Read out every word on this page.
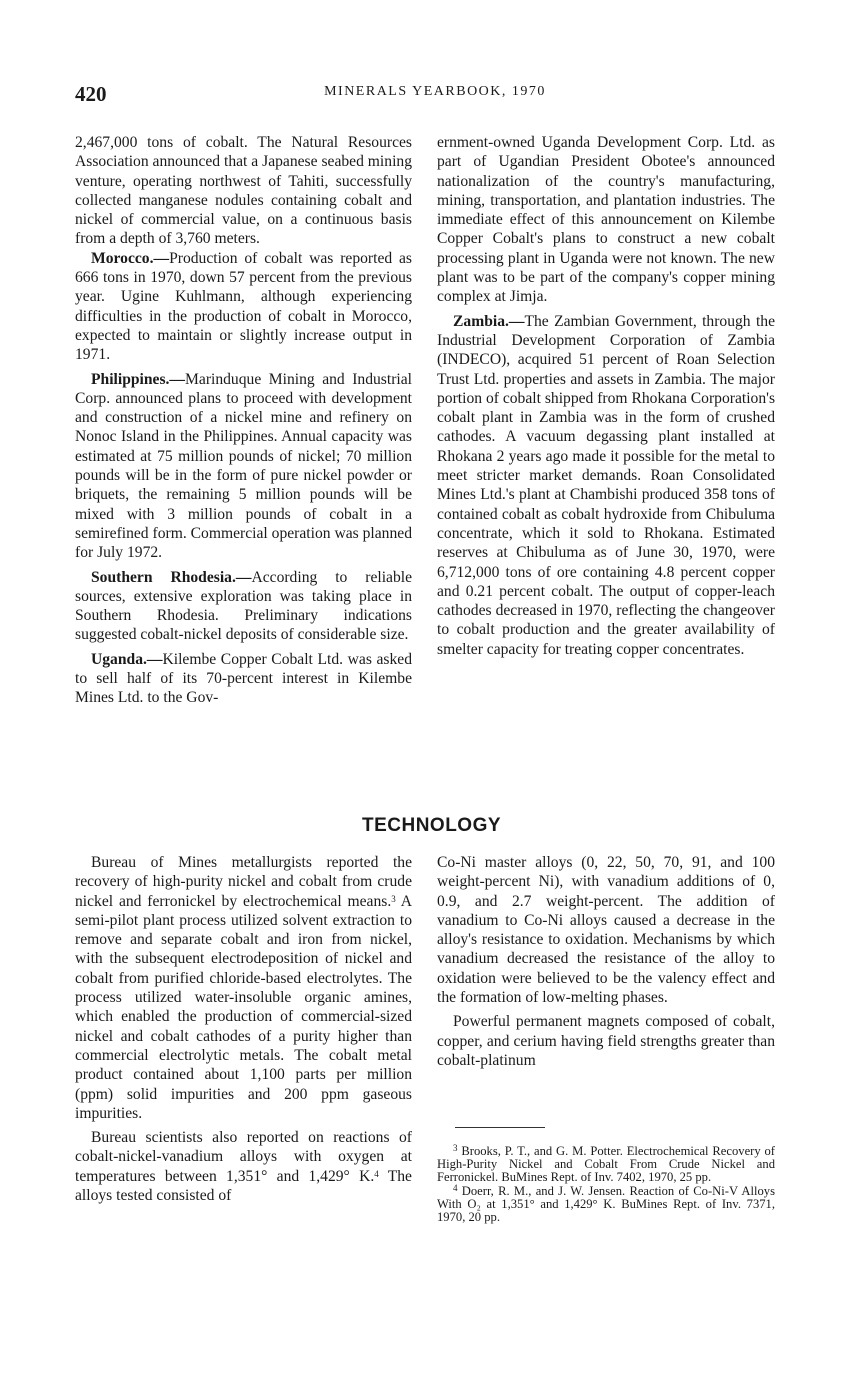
420	MINERALS YEARBOOK, 1970

2,467,000 tons of cobalt. The Natural Resources Association announced that a Japanese seabed mining venture, operating northwest of Tahiti, successfully collected manganese nodules containing cobalt and nickel of commercial value, on a continuous basis from a depth of 3,760 meters.

Morocco.—Production of cobalt was reported as 666 tons in 1970, down 57 percent from the previous year. Ugine Kuhlmann, although experiencing difficulties in the production of cobalt in Morocco, expected to maintain or slightly increase output in 1971.

Philippines.—Marinduque Mining and Industrial Corp. announced plans to proceed with development and construction of a nickel mine and refinery on Nonoc Island in the Philippines. Annual capacity was estimated at 75 million pounds of nickel; 70 million pounds will be in the form of pure nickel powder or briquets, the remaining 5 million pounds will be mixed with 3 million pounds of cobalt in a semirefined form. Commercial operation was planned for July 1972.

Southern Rhodesia.—According to reliable sources, extensive exploration was taking place in Southern Rhodesia. Preliminary indications suggested cobalt-nickel deposits of considerable size.

Uganda.—Kilembe Copper Cobalt Ltd. was asked to sell half of its 70-percent interest in Kilembe Mines Ltd. to the Gov-

ernment-owned Uganda Development Corp. Ltd. as part of Ugandian President Obotee's announced nationalization of the country's manufacturing, mining, transportation, and plantation industries. The immediate effect of this announcement on Kilembe Copper Cobalt's plans to construct a new cobalt processing plant in Uganda were not known. The new plant was to be part of the company's copper mining complex at Jimja.

Zambia.—The Zambian Government, through the Industrial Development Corporation of Zambia (INDECO), acquired 51 percent of Roan Selection Trust Ltd. properties and assets in Zambia. The major portion of cobalt shipped from Rhokana Corporation's cobalt plant in Zambia was in the form of crushed cathodes. A vacuum degassing plant installed at Rhokana 2 years ago made it possible for the metal to meet stricter market demands. Roan Consolidated Mines Ltd.'s plant at Chambishi produced 358 tons of contained cobalt as cobalt hydroxide from Chibuluma concentrate, which it sold to Rhokana. Estimated reserves at Chibuluma as of June 30, 1970, were 6,712,000 tons of ore containing 4.8 percent copper and 0.21 percent cobalt. The output of copper-leach cathodes decreased in 1970, reflecting the changeover to cobalt production and the greater availability of smelter capacity for treating copper concentrates.

TECHNOLOGY

Bureau of Mines metallurgists reported the recovery of high-purity nickel and cobalt from crude nickel and ferronickel by electrochemical means.$^3$ A semi-pilot plant process utilized solvent extraction to remove and separate cobalt and iron from nickel, with the subsequent electrodeposition of nickel and cobalt from purified chloride-based electrolytes. The process utilized water-insoluble organic amines, which enabled the production of commercial-sized nickel and cobalt cathodes of a purity higher than commercial electrolytic metals. The cobalt metal product contained about 1,100 parts per million (ppm) solid impurities and 200 ppm gaseous impurities.

Bureau scientists also reported on reactions of cobalt-nickel-vanadium alloys with oxygen at temperatures between 1,351° and 1,429° K.$^4$ The alloys tested consisted of

Co-Ni master alloys (0, 22, 50, 70, 91, and 100 weight-percent Ni), with vanadium additions of 0, 0.9, and 2.7 weight-percent. The addition of vanadium to Co-Ni alloys caused a decrease in the alloy's resistance to oxidation. Mechanisms by which vanadium decreased the resistance of the alloy to oxidation were believed to be the valency effect and the formation of low-melting phases.

Powerful permanent magnets composed of cobalt, copper, and cerium having field strengths greater than cobalt-platinum

$^3$ Brooks, P. T., and G. M. Potter. Electrochemical Recovery of High-Purity Nickel and Cobalt From Crude Nickel and Ferronickel. BuMines Rept. of Inv. 7402, 1970, 25 pp.

$^4$ Doerr, R. M., and J. W. Jensen. Reaction of Co-Ni-V Alloys With O₂ at 1,351° and 1,429° K. BuMines Rept. of Inv. 7371, 1970, 20 pp.
